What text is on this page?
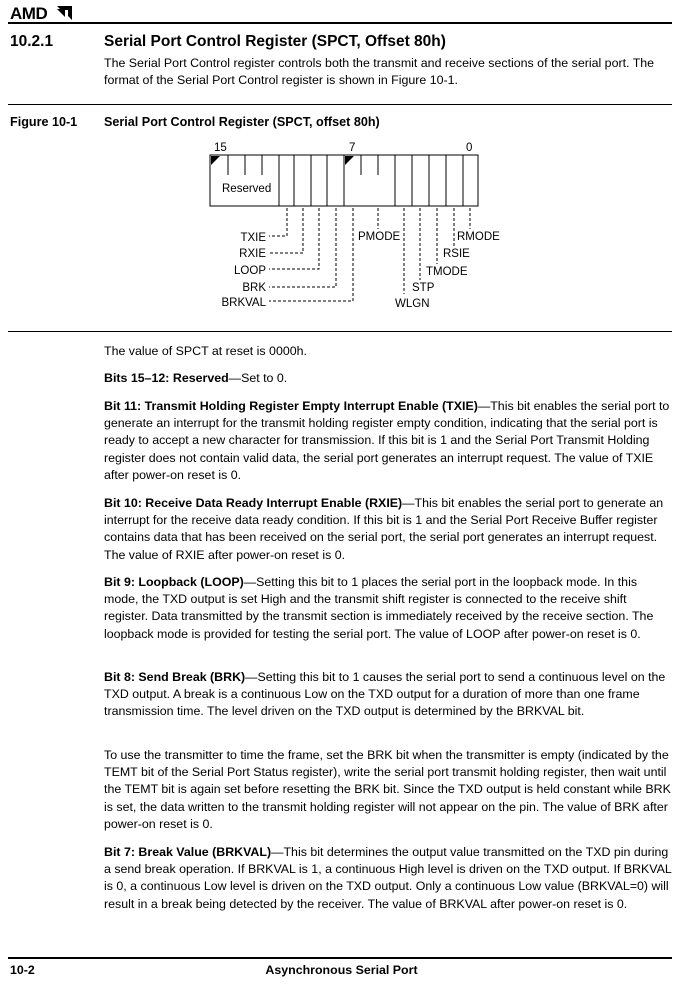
AMD
10.2.1	Serial Port Control Register (SPCT, Offset 80h)
The Serial Port Control register controls both the transmit and receive sections of the serial port. The format of the Serial Port Control register is shown in Figure 10-1.
Figure 10-1 Serial Port Control Register (SPCT, offset 80h)
15	7	0
Reserved
TXIE
RXIE
LOOP
BRK
BRKVAL
PMODE
WLGN
STP
TMODE
RSIE
RMODE

The value of SPCT at reset is 0000h.

Bits 15–12: Reserved—Set to 0.

Bit 11: Transmit Holding Register Empty Interrupt Enable (TXIE)—This bit enables the serial port to generate an interrupt for the transmit holding register empty condition, indicating that the serial port is ready to accept a new character for transmission. If this bit is 1 and the Serial Port Transmit Holding register does not contain valid data, the serial port generates an interrupt request. The value of TXIE after power-on reset is 0.

Bit 10: Receive Data Ready Interrupt Enable (RXIE)—This bit enables the serial port to generate an interrupt for the receive data ready condition. If this bit is 1 and the Serial Port Receive Buffer register contains data that has been received on the serial port, the serial port generates an interrupt request. The value of RXIE after power-on reset is 0.

Bit 9: Loopback (LOOP)—Setting this bit to 1 places the serial port in the loopback mode. In this mode, the TXD output is set High and the transmit shift register is connected to the receive shift register. Data transmitted by the transmit section is immediately received by the receive section. The loopback mode is provided for testing the serial port. The value of LOOP after power-on reset is 0.

Bit 8: Send Break (BRK)—Setting this bit to 1 causes the serial port to send a continuous level on the TXD output. A break is a continuous Low on the TXD output for a duration of more than one frame transmission time. The level driven on the TXD output is determined by the BRKVAL bit.

To use the transmitter to time the frame, set the BRK bit when the transmitter is empty (indicated by the TEMT bit of the Serial Port Status register), write the serial port transmit holding register, then wait until the TEMT bit is again set before resetting the BRK bit. Since the TXD output is held constant while BRK is set, the data written to the transmit holding register will not appear on the pin. The value of BRK after power-on reset is 0.

Bit 7: Break Value (BRKVAL)—This bit determines the output value transmitted on the TXD pin during a send break operation. If BRKVAL is 1, a continuous High level is driven on the TXD output. If BRKVAL is 0, a continuous Low level is driven on the TXD output. Only a continuous Low value (BRKVAL=0) will result in a break being detected by the receiver. The value of BRKVAL after power-on reset is 0.

10-2	Asynchronous Serial Port
